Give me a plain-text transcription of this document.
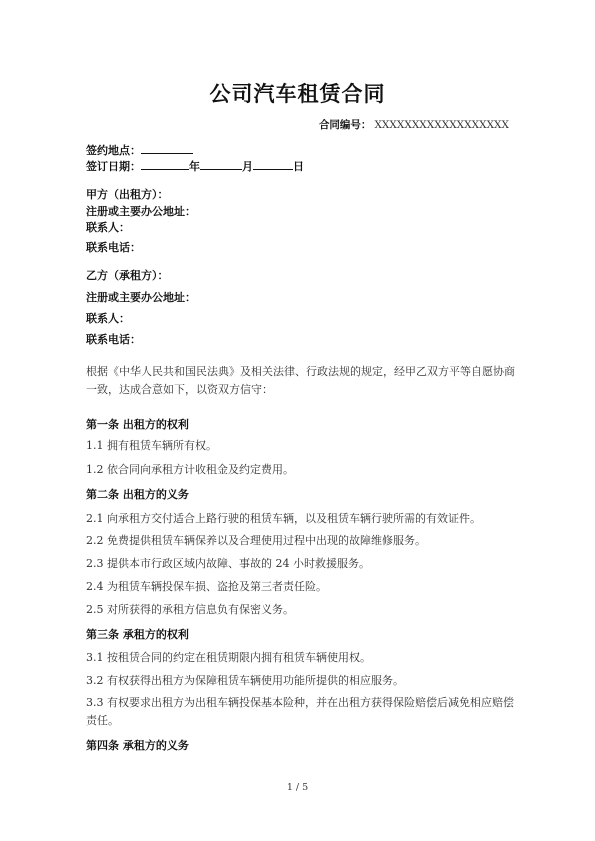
公司汽车租赁合同
合同编号： XXXXXXXXXXXXXXXXXX
签约地点：
签订日期：	年	月	日
甲方（出租方）：
注册或主要办公地址：
联系人：
联系电话：
乙方（承租方）：
注册或主要办公地址：
联系人：
联系电话：
根据《中华人民共和国民法典》及相关法律、行政法规的规定，经甲乙双方平等自愿协商一致，达成合意如下，以资双方信守：
第一条 出租方的权利
1.1 拥有租赁车辆所有权。
1.2 依合同向承租方计收租金及约定费用。
第二条 出租方的义务
2.1 向承租方交付适合上路行驶的租赁车辆，以及租赁车辆行驶所需的有效证件。
2.2 免费提供租赁车辆保养以及合理使用过程中出现的故障维修服务。
2.3 提供本市行政区域内故障、事故的 24 小时救援服务。
2.4 为租赁车辆投保车损、盗抢及第三者责任险。
2.5 对所获得的承租方信息负有保密义务。
第三条 承租方的权利
3.1 按租赁合同的约定在租赁期限内拥有租赁车辆使用权。
3.2 有权获得出租方为保障租赁车辆使用功能所提供的相应服务。
3.3 有权要求出租方为出租车辆投保基本险种，并在出租方获得保险赔偿后减免相应赔偿责任。
第四条 承租方的义务
1 / 5
